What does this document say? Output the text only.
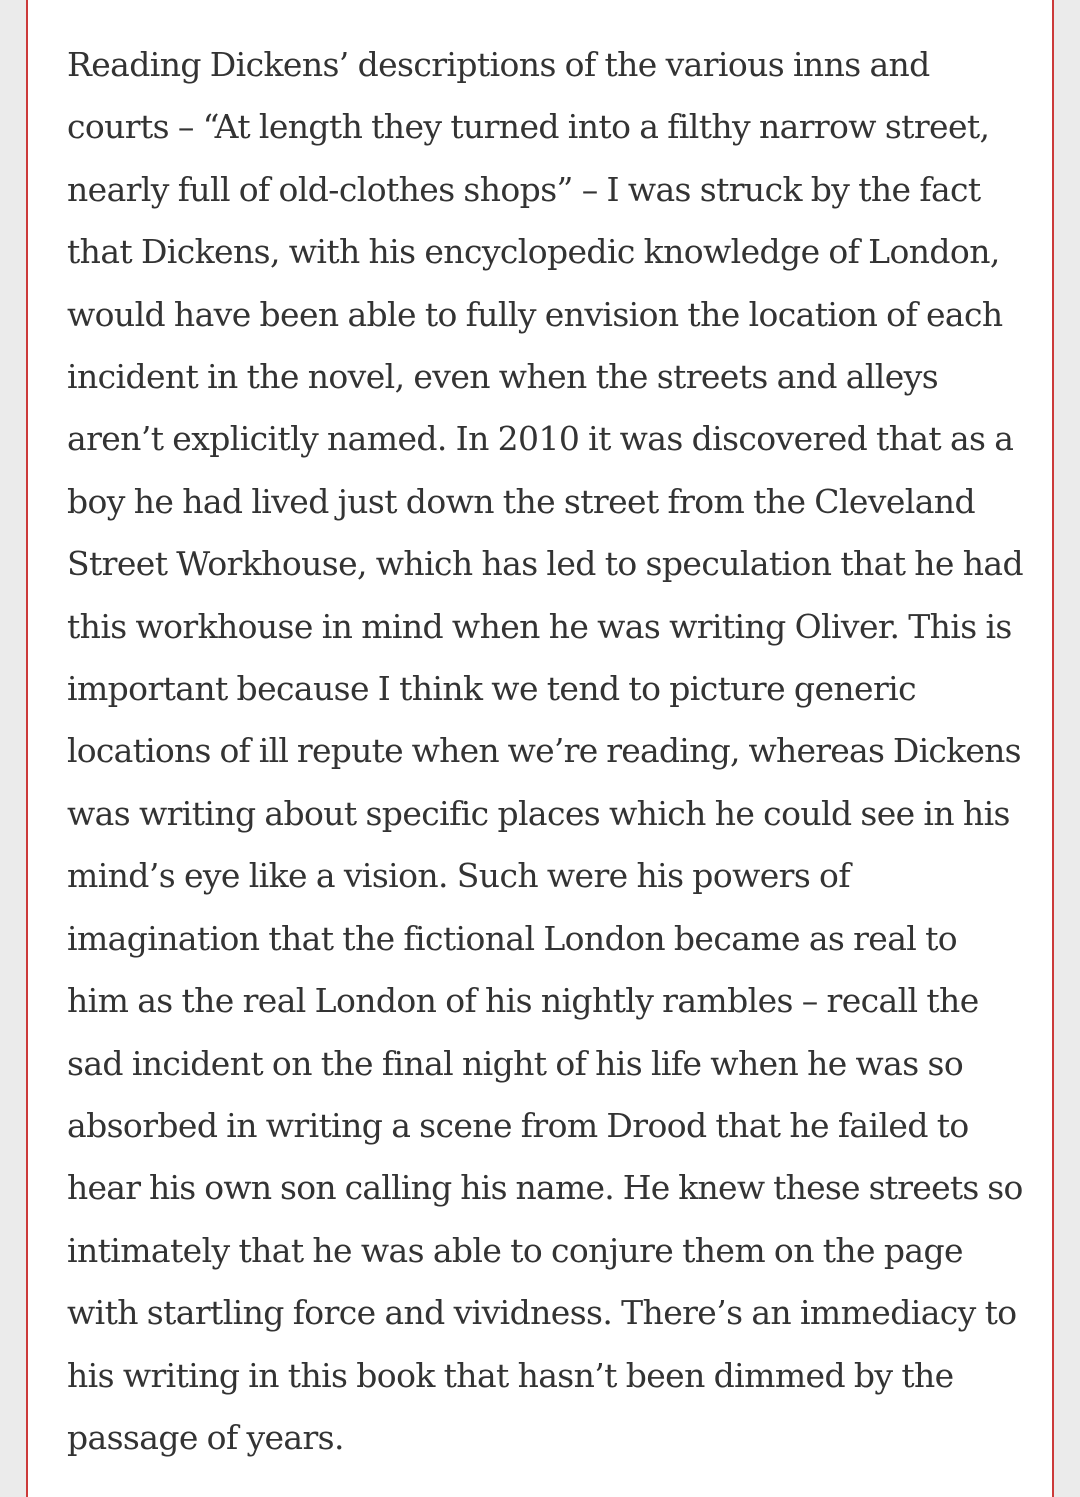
Reading Dickens’ descriptions of the various inns and
courts – “At length they turned into a filthy narrow street,
nearly full of old-clothes shops” – I was struck by the fact
that Dickens, with his encyclopedic knowledge of London,
would have been able to fully envision the location of each
incident in the novel, even when the streets and alleys
aren’t explicitly named. In 2010 it was discovered that as a
boy he had lived just down the street from the Cleveland
Street Workhouse, which has led to speculation that he had
this workhouse in mind when he was writing Oliver. This is
important because I think we tend to picture generic
locations of ill repute when we’re reading, whereas Dickens
was writing about specific places which he could see in his
mind’s eye like a vision. Such were his powers of
imagination that the fictional London became as real to
him as the real London of his nightly rambles – recall the
sad incident on the final night of his life when he was so
absorbed in writing a scene from Drood that he failed to
hear his own son calling his name. He knew these streets so
intimately that he was able to conjure them on the page
with startling force and vividness. There’s an immediacy to
his writing in this book that hasn’t been dimmed by the
passage of years.
